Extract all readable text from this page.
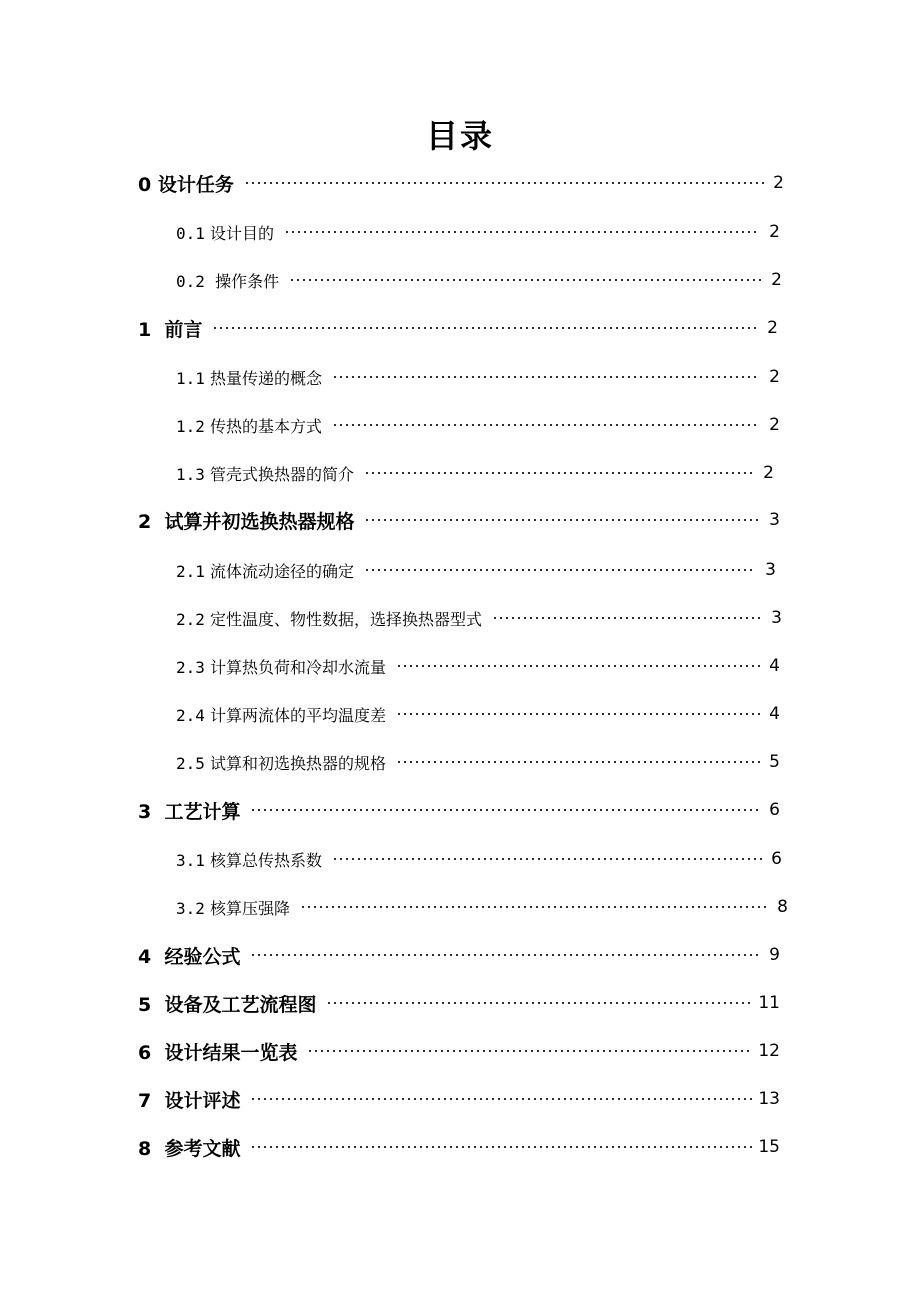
目录
0 设计任务	2
0.1 设计目的	2
0.2 操作条件	2
1 前言	2
1.1 热量传递的概念	2
1.2 传热的基本方式	2
1.3 管壳式换热器的简介	2
2 试算并初选换热器规格	3
2.1 流体流动途径的确定	3
2.2 定性温度、物性数据，选择换热器型式	3
2.3 计算热负荷和冷却水流量	4
2.4 计算两流体的平均温度差	4
2.5 试算和初选换热器的规格	5
3 工艺计算	6
3.1 核算总传热系数	6
3.2 核算压强降	8
4 经验公式	9
5 设备及工艺流程图	11
6 设计结果一览表	12
7 设计评述	13
8 参考文献	15
